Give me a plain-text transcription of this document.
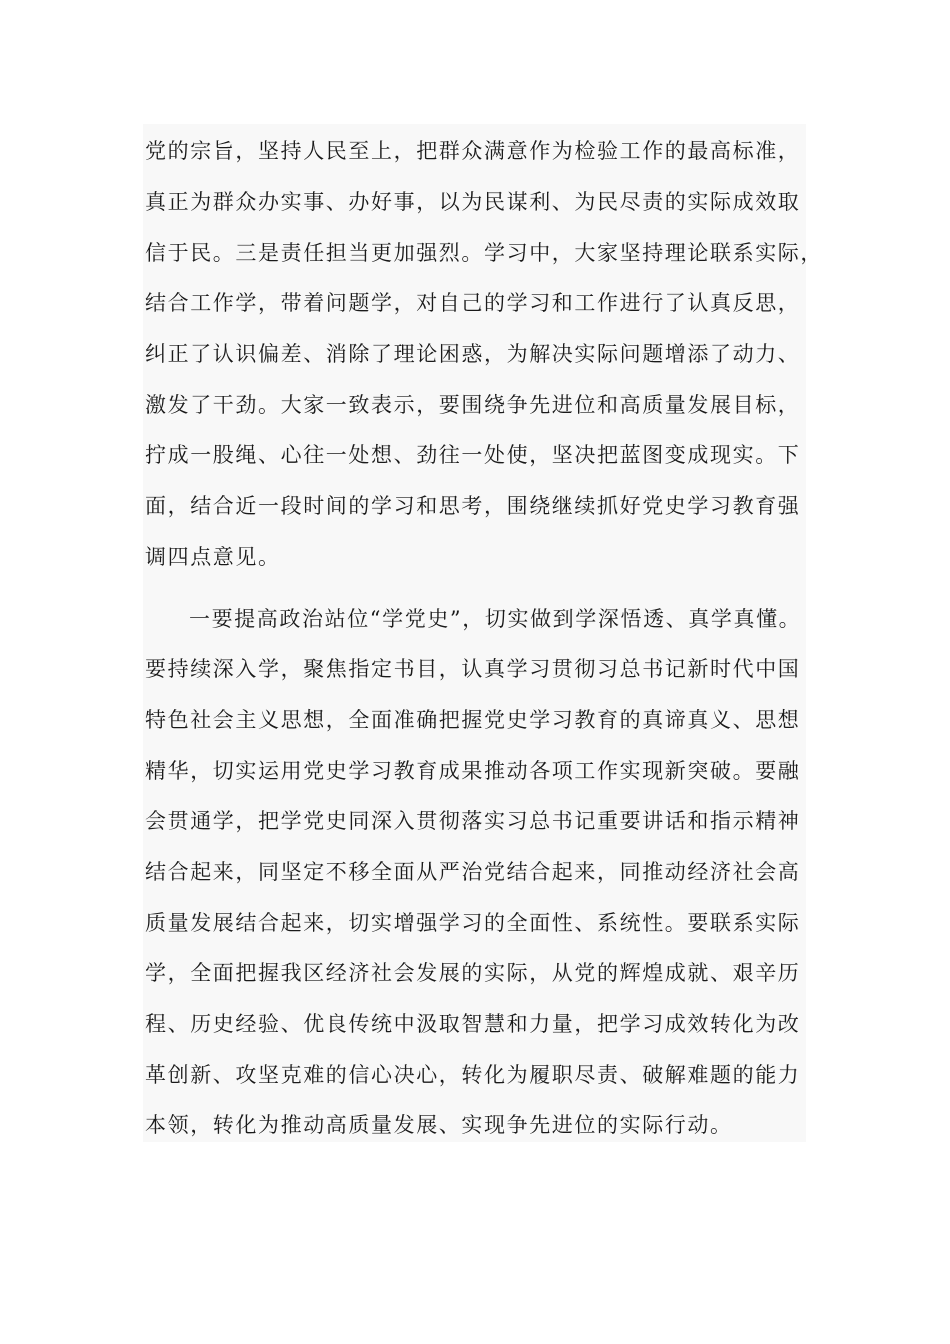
党的宗旨，坚持人民至上，把群众满意作为检验工作的最高标准，
真正为群众办实事、办好事，以为民谋利、为民尽责的实际成效取
信于民。三是责任担当更加强烈。学习中，大家坚持理论联系实际，
结合工作学，带着问题学，对自己的学习和工作进行了认真反思，
纠正了认识偏差、消除了理论困惑，为解决实际问题增添了动力、
激发了干劲。大家一致表示，要围绕争先进位和高质量发展目标，
拧成一股绳、心往一处想、劲往一处使，坚决把蓝图变成现实。下
面，结合近一段时间的学习和思考，围绕继续抓好党史学习教育强
调四点意见。
一要提高政治站位“学党史”，切实做到学深悟透、真学真懂。
要持续深入学，聚焦指定书目，认真学习贯彻习总书记新时代中国
特色社会主义思想，全面准确把握党史学习教育的真谛真义、思想
精华，切实运用党史学习教育成果推动各项工作实现新突破。要融
会贯通学，把学党史同深入贯彻落实习总书记重要讲话和指示精神
结合起来，同坚定不移全面从严治党结合起来，同推动经济社会高
质量发展结合起来，切实增强学习的全面性、系统性。要联系实际
学，全面把握我区经济社会发展的实际，从党的辉煌成就、艰辛历
程、历史经验、优良传统中汲取智慧和力量，把学习成效转化为改
革创新、攻坚克难的信心决心，转化为履职尽责、破解难题的能力
本领，转化为推动高质量发展、实现争先进位的实际行动。
